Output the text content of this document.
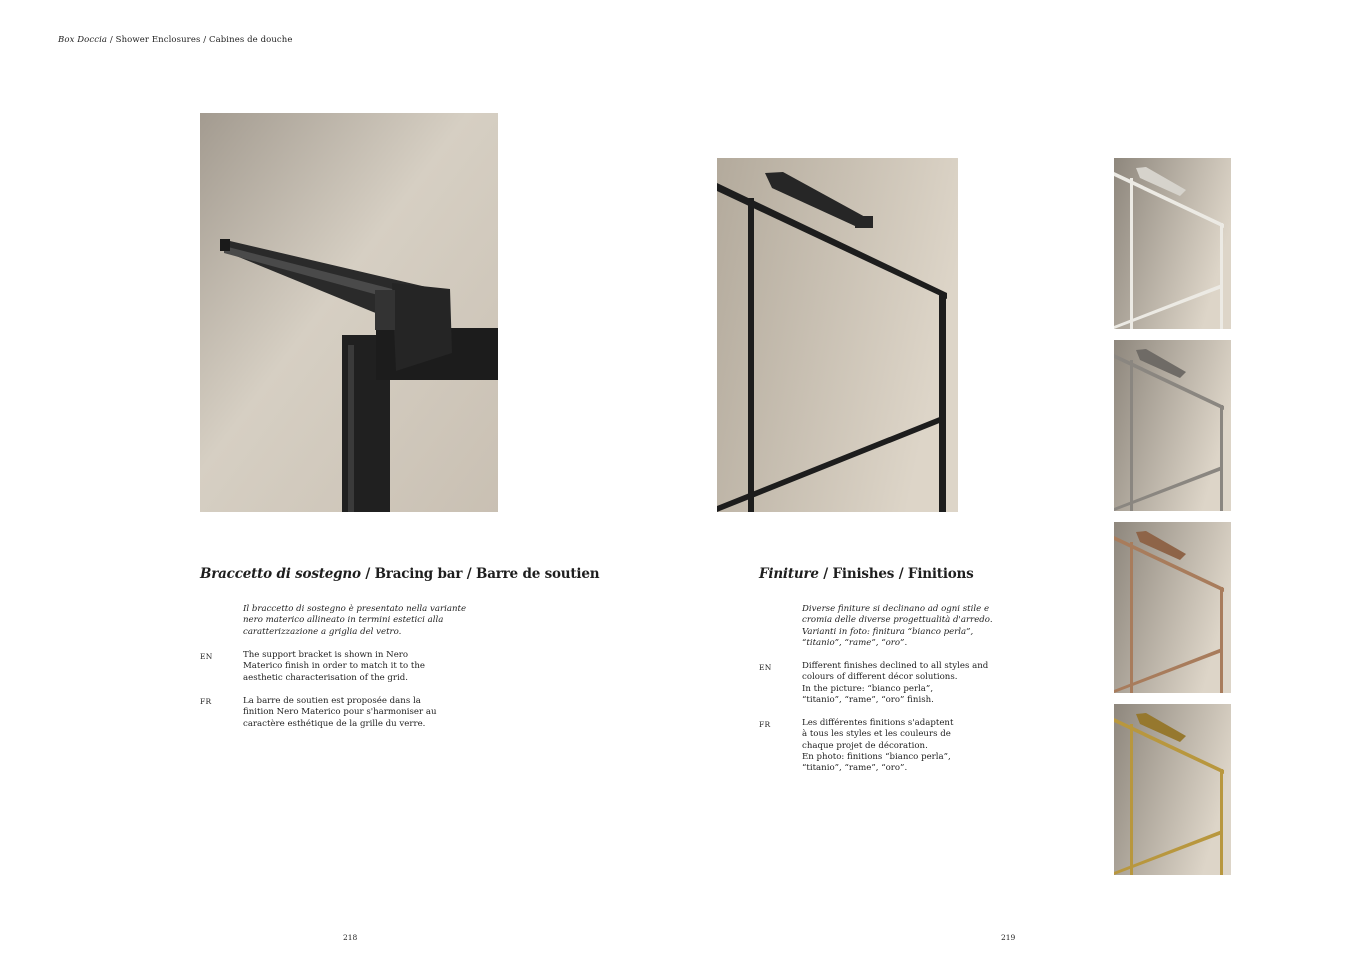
Box Doccia / Shower Enclosures / Cabines de douche
Braccetto di sostegno / Bracing bar / Barre de soutien
Il braccetto di sostegno è presentato nella variante
nero materico allineato in termini estetici alla
caratterizzazione a griglia del vetro.
EN	The support bracket is shown in Nero
Materico finish in order to match it to the
aesthetic characterisation of the grid.
FR	La barre de soutien est proposée dans la
finition Nero Materico pour s'harmoniser au
caractère esthétique de la grille du verre.
Finiture / Finishes / Finitions
Diverse finiture si declinano ad ogni stile e
cromia delle diverse progettualità d'arredo.
Varianti in foto: finitura “bianco perla”,
“titanio”, “rame”, “oro”.
EN	Different finishes declined to all styles and
colours of different décor solutions.
In the picture: “bianco perla”,
“titanio”, “rame”, “oro” finish.
FR	Les différentes finitions s'adaptent
à tous les styles et les couleurs de
chaque projet de décoration.
En photo: finitions “bianco perla”,
“titanio”, “rame”, “oro”.
218	219
